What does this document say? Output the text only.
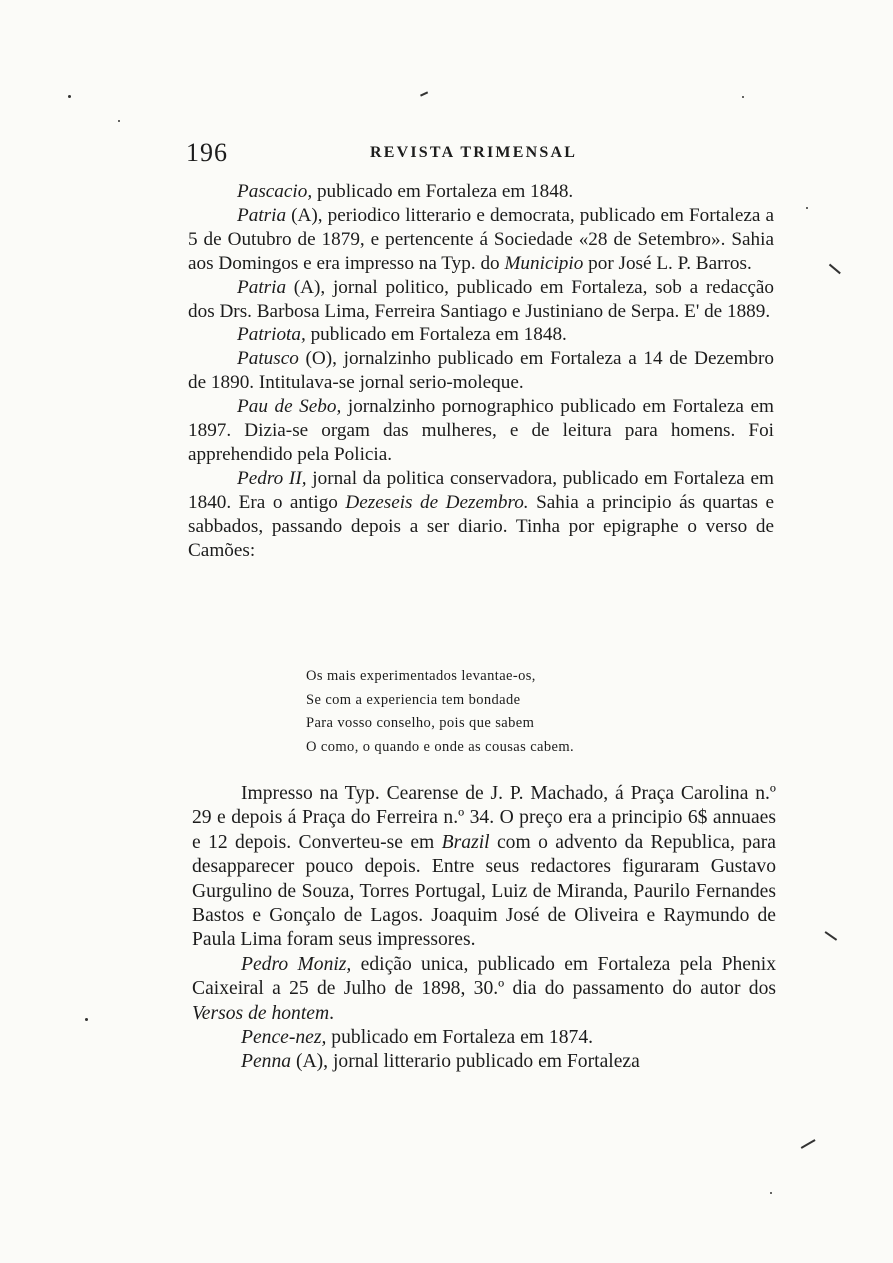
196	REVISTA TRIMENSAL

Pascacio, publicado em Fortaleza em 1848.

Patria (A), periodico litterario e democrata, publicado em Fortaleza a 5 de Outubro de 1879, e pertencente á Sociedade «28 de Setembro». Sahia aos Domingos e era impresso na Typ. do Municipio por José L. P. Barros.

Patria (A), jornal politico, publicado em Fortaleza, sob a redacção dos Drs. Barbosa Lima, Ferreira Santiago e Justiniano de Serpa. E' de 1889.

Patriota, publicado em Fortaleza em 1848.

Patusco (O), jornalzinho publicado em Fortaleza a 14 de Dezembro de 1890. Intitulava-se jornal serio-moleque.

Pau de Sebo, jornalzinho pornographico publicado em Fortaleza em 1897. Dizia-se orgam das mulheres, e de leitura para homens. Foi apprehendido pela Policia.

Pedro II, jornal da politica conservadora, publicado em Fortaleza em 1840. Era o antigo Dezeseis de Dezembro. Sahia a principio ás quartas e sabbados, passando depois a ser diario. Tinha por epigraphe o verso de Camões:

Os mais experimentados levantae-os,
Se com a experiencia tem bondade
Para vosso conselho, pois que sabem
O como, o quando e onde as cousas cabem.

Impresso na Typ. Cearense de J. P. Machado, á Praça Carolina n.º 29 e depois á Praça do Ferreira n.º 34. O preço era a principio 6$ annuaes e 12 depois. Converteu-se em Brazil com o advento da Republica, para desapparecer pouco depois. Entre seus redactores figuraram Gustavo Gurgulino de Souza, Torres Portugal, Luiz de Miranda, Paurilo Fernandes Bastos e Gonçalo de Lagos. Joaquim José de Oliveira e Raymundo de Paula Lima foram seus impressores.

Pedro Moniz, edição unica, publicado em Fortaleza pela Phenix Caixeiral a 25 de Julho de 1898, 30.º dia do passamento do autor dos Versos de hontem.

Pence-nez, publicado em Fortaleza em 1874.

Penna (A), jornal litterario publicado em Fortaleza
